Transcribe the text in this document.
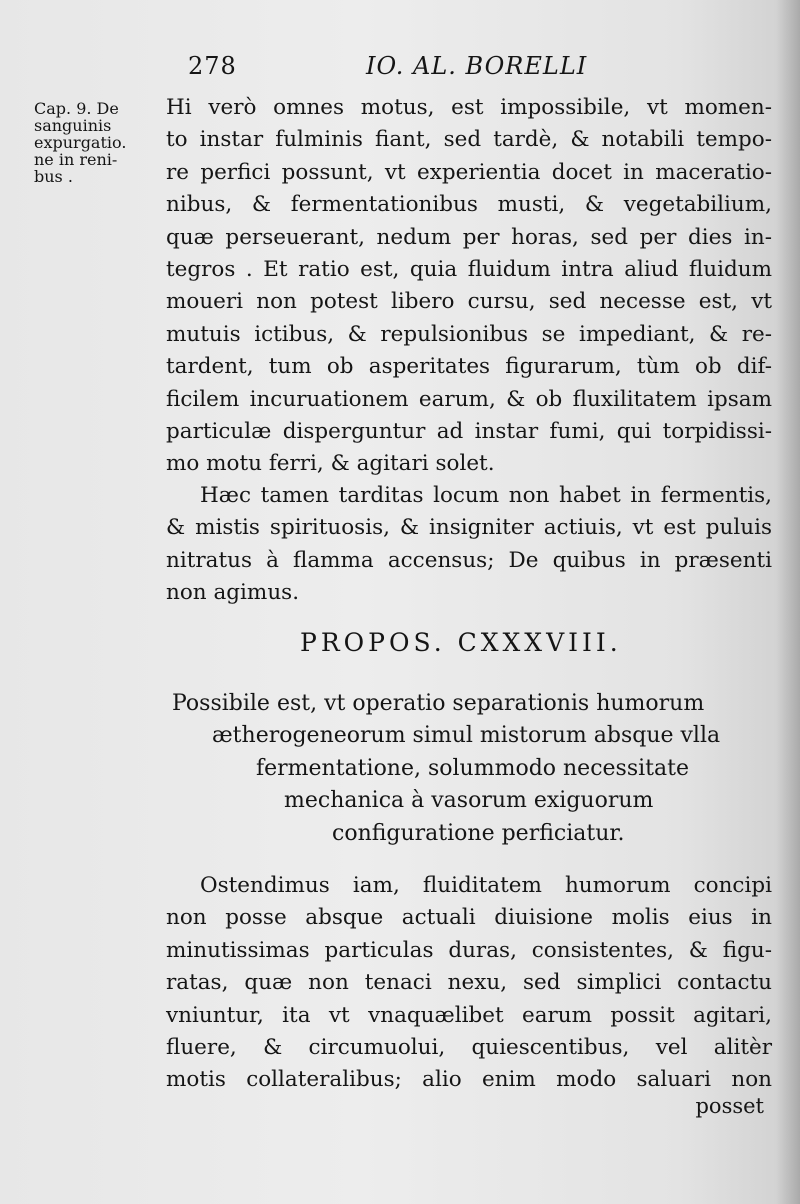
278	IO. AL. BORELLI
Cap. 9. De
sanguinis
expurgatio.
ne in reni-
bus .
Hi verò omnes motus, est impossibile, vt momen-
to instar fulminis fiant, sed tardè, & notabili tempo-
re perfici possunt, vt experientia docet in maceratio-
nibus, & fermentationibus musti, & vegetabilium,
quæ perseuerant, nedum per horas, sed per dies in-
tegros . Et ratio est, quia fluidum intra aliud fluidum
moueri non potest libero cursu, sed necesse est, vt
mutuis ictibus, & repulsionibus se impediant, & re-
tardent, tum ob asperitates figurarum, tùm ob dif-
ficilem incuruationem earum, & ob fluxilitatem ipsam
particulæ disperguntur ad instar fumi, qui torpidissi-
mo motu ferri, & agitari solet.
Hæc tamen tarditas locum non habet in fermentis,
& mistis spirituosis, & insigniter actiuis, vt est puluis
nitratus à flamma accensus; De quibus in præsenti
non agimus.
PROPOS. CXXXVIII.
Possibile est, vt operatio separationis humorum
ætherogeneorum simul mistorum absque vlla
fermentatione, solummodo necessitate
mechanica à vasorum exiguorum
configuratione perficiatur.
Ostendimus iam, fluiditatem humorum concipi
non posse absque actuali diuisione molis eius in
minutissimas particulas duras, consistentes, & figu-
ratas, quæ non tenaci nexu, sed simplici contactu
vniuntur, ita vt vnaquælibet earum possit agitari,
fluere, & circumuolui, quiescentibus, vel alitèr
motis collateralibus; alio enim modo saluari non
posset
